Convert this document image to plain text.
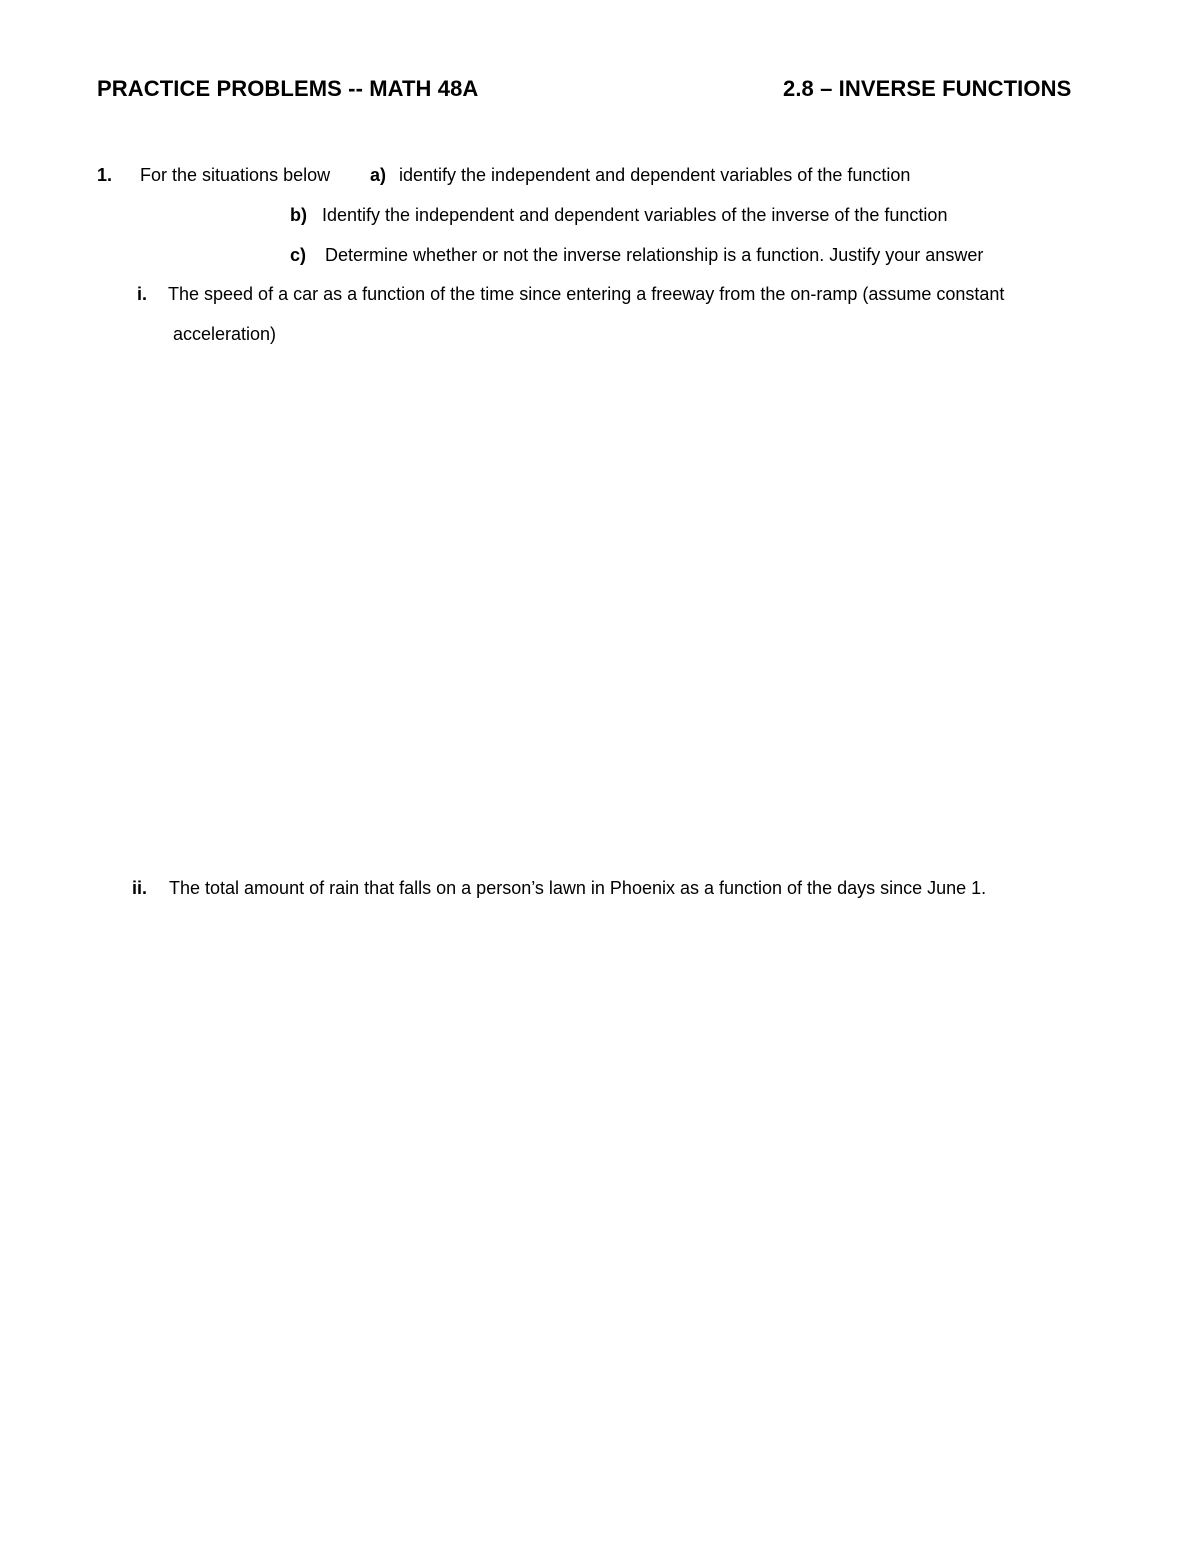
PRACTICE PROBLEMS -- MATH 48A	2.8 – INVERSE FUNCTIONS
1. For the situations below a) identify the independent and dependent variables of the function
b) Identify the independent and dependent variables of the inverse of the function
c) Determine whether or not the inverse relationship is a function. Justify your answer
i. The speed of a car as a function of the time since entering a freeway from the on-ramp (assume constant
acceleration)
ii. The total amount of rain that falls on a person’s lawn in Phoenix as a function of the days since June 1.
